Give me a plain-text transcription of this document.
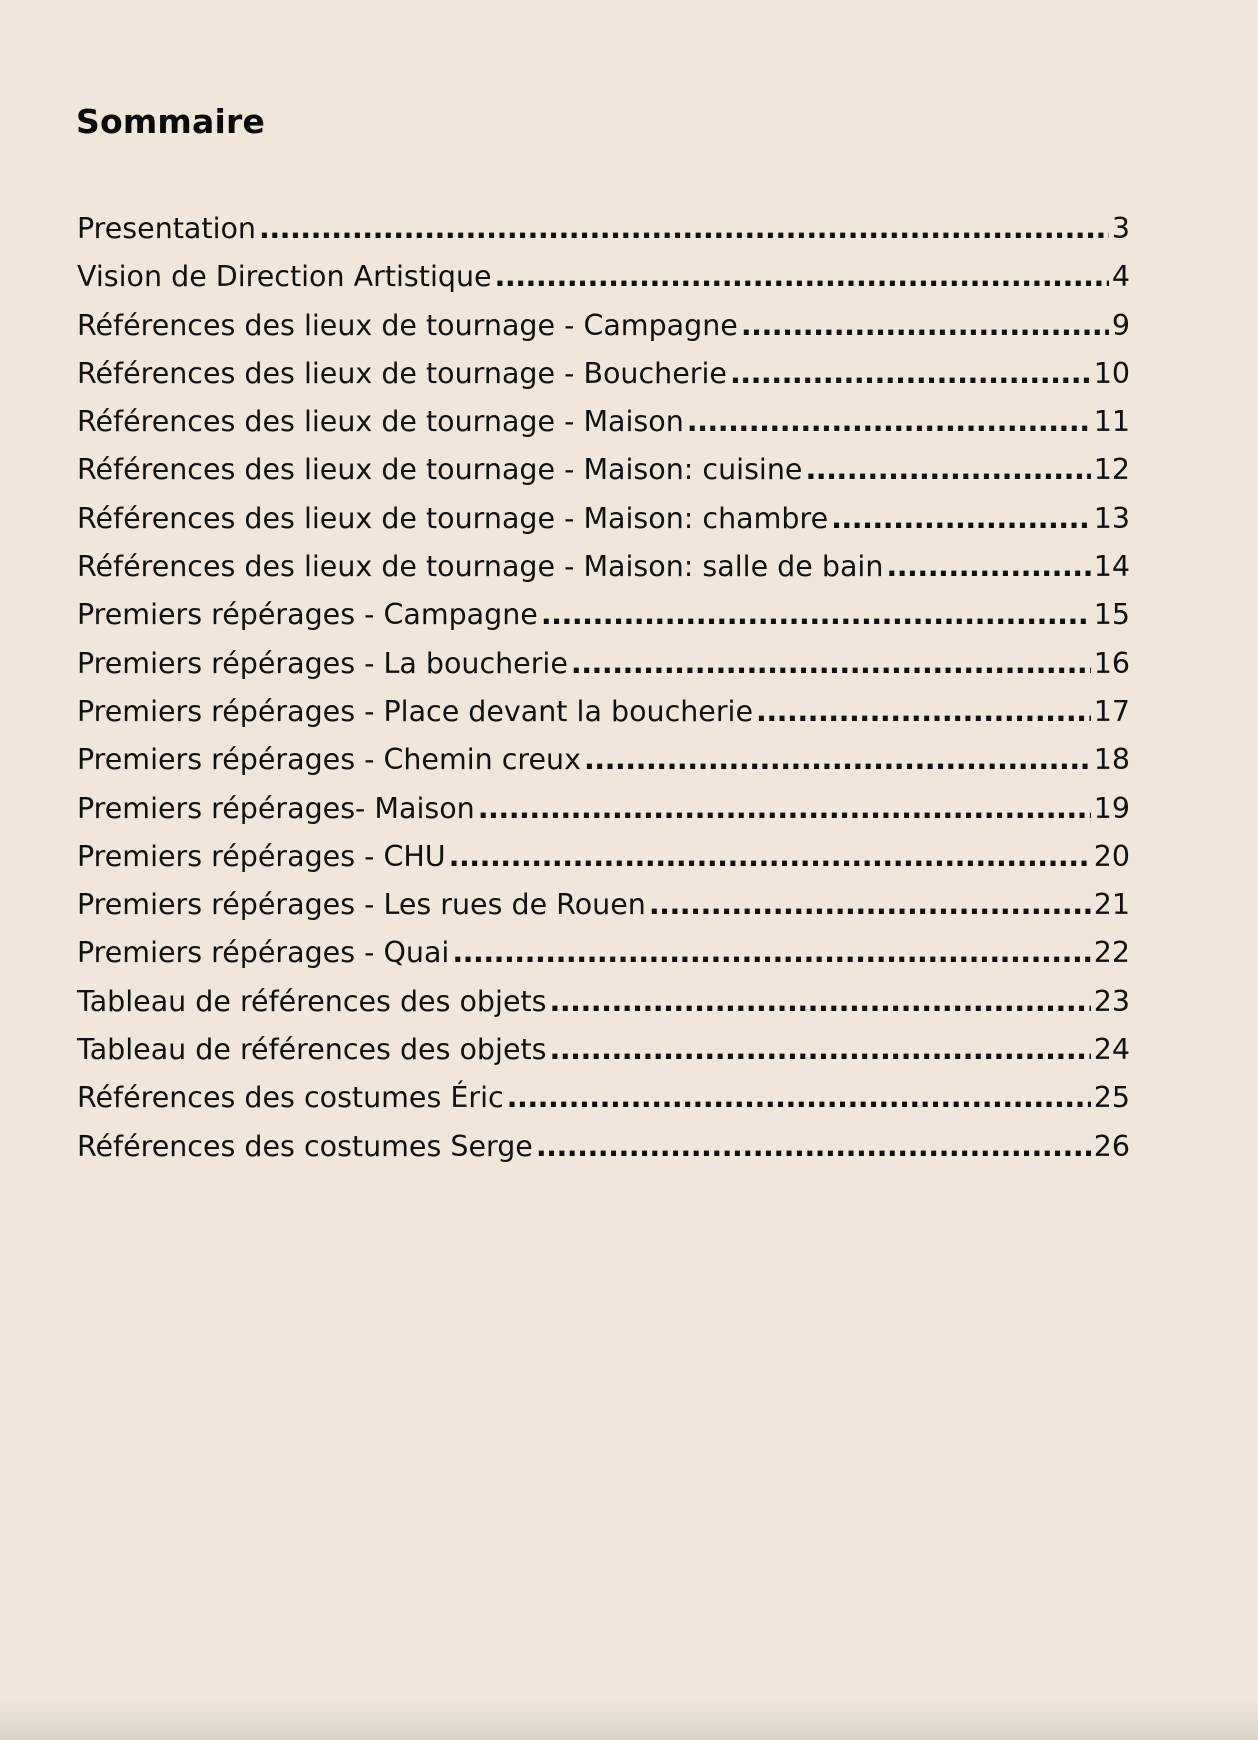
Sommaire
Presentation .....	3
Vision de Direction Artistique .....	4
Références des lieux de tournage - Campagne .....	9
Références des lieux de tournage - Boucherie .....	10
Références des lieux de tournage - Maison .....	11
Références des lieux de tournage - Maison: cuisine .....	12
Références des lieux de tournage - Maison: chambre .....	13
Références des lieux de tournage - Maison: salle de bain .....	14
Premiers répérages - Campagne .....	15
Premiers répérages - La boucherie .....	16
Premiers répérages - Place devant la boucherie .....	17
Premiers répérages - Chemin creux .....	18
Premiers répérages- Maison .....	19
Premiers répérages - CHU .....	20
Premiers répérages - Les rues de Rouen .....	21
Premiers répérages - Quai .....	22
Tableau de références des objets .....	23
Tableau de références des objets .....	24
Références des costumes Éric .....	25
Références des costumes Serge .....	26
